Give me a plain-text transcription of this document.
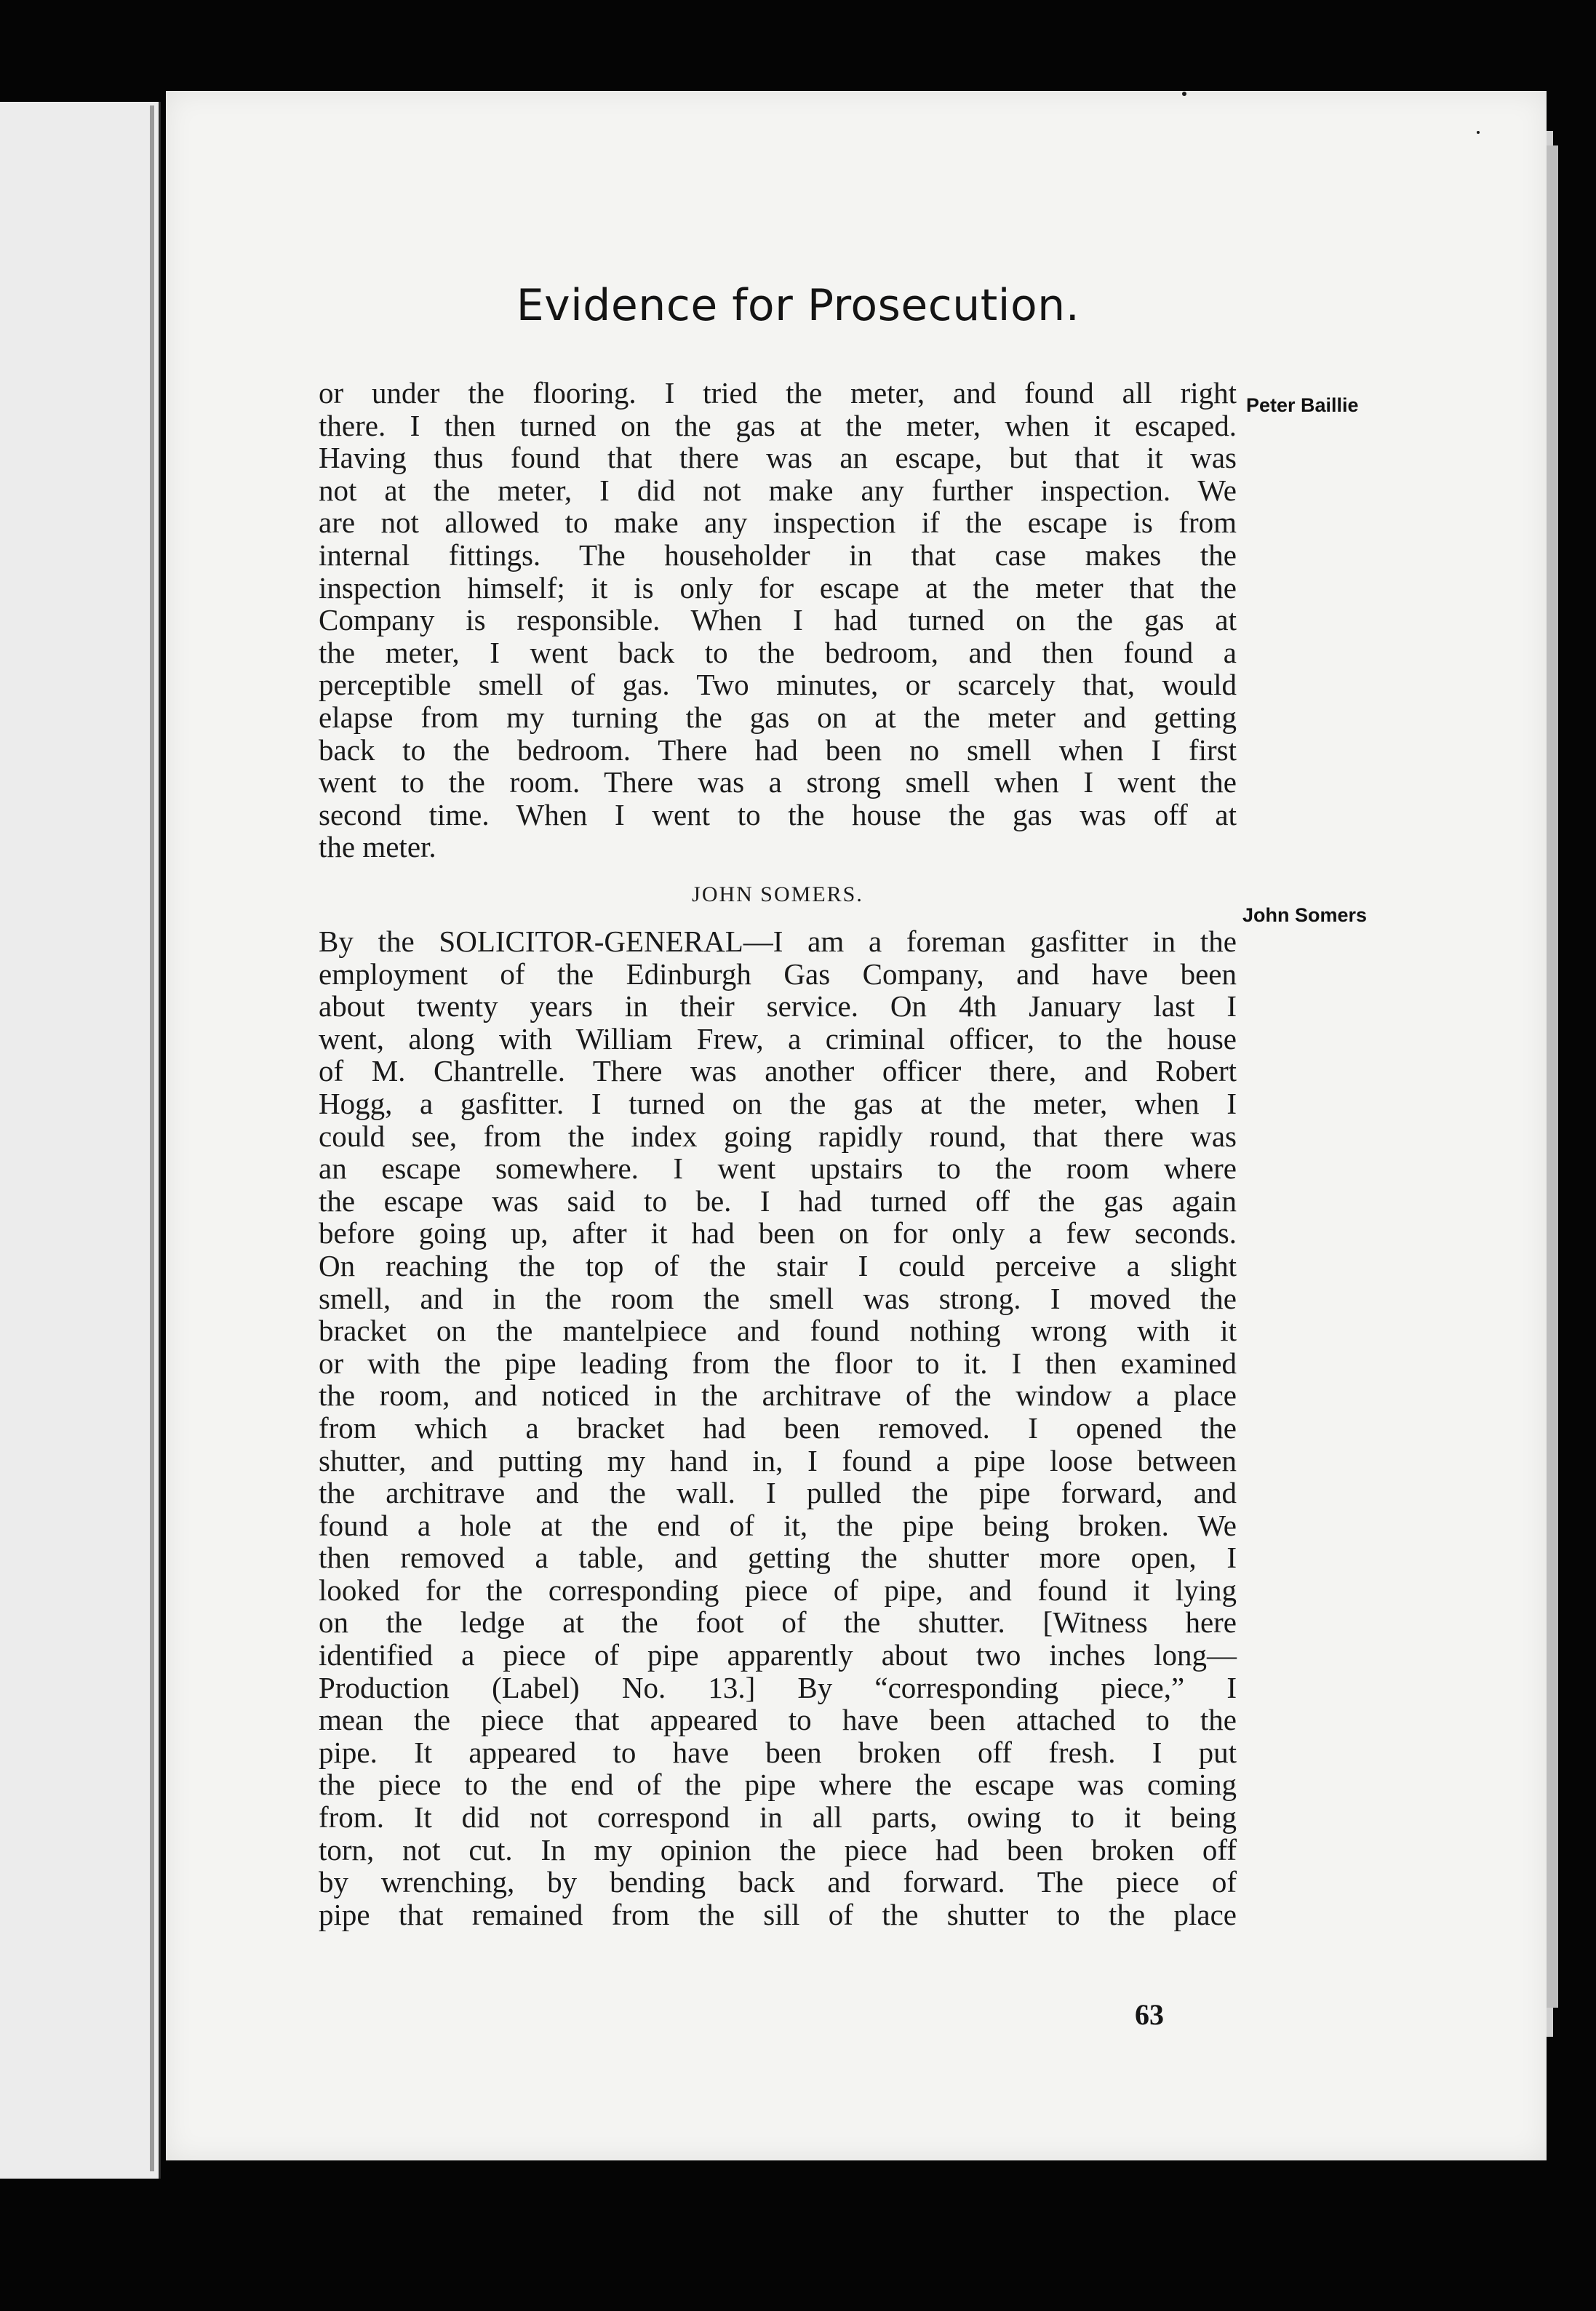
Evidence for Prosecution.
Peter Baillie
John Somers
or under the flooring. I tried the meter, and found all right
there. I then turned on the gas at the meter, when it escaped.
Having thus found that there was an escape, but that it was
not at the meter, I did not make any further inspection. We
are not allowed to make any inspection if the escape is from
internal fittings. The householder in that case makes the
inspection himself; it is only for escape at the meter that the
Company is responsible. When I had turned on the gas at
the meter, I went back to the bedroom, and then found a
perceptible smell of gas. Two minutes, or scarcely that, would
elapse from my turning the gas on at the meter and getting
back to the bedroom. There had been no smell when I first
went to the room. There was a strong smell when I went the
second time. When I went to the house the gas was off at
the meter.
JOHN SOMERS.
By the SOLICITOR-GENERAL—I am a foreman gasfitter in the
employment of the Edinburgh Gas Company, and have been
about twenty years in their service. On 4th January last I
went, along with William Frew, a criminal officer, to the house
of M. Chantrelle. There was another officer there, and Robert
Hogg, a gasfitter. I turned on the gas at the meter, when I
could see, from the index going rapidly round, that there was
an escape somewhere. I went upstairs to the room where
the escape was said to be. I had turned off the gas again
before going up, after it had been on for only a few seconds.
On reaching the top of the stair I could perceive a slight
smell, and in the room the smell was strong. I moved the
bracket on the mantelpiece and found nothing wrong with it
or with the pipe leading from the floor to it. I then examined
the room, and noticed in the architrave of the window a place
from which a bracket had been removed. I opened the
shutter, and putting my hand in, I found a pipe loose between
the architrave and the wall. I pulled the pipe forward, and
found a hole at the end of it, the pipe being broken. We
then removed a table, and getting the shutter more open, I
looked for the corresponding piece of pipe, and found it lying
on the ledge at the foot of the shutter. [Witness here
identified a piece of pipe apparently about two inches long—
Production (Label) No. 13.] By “corresponding piece,” I
mean the piece that appeared to have been attached to the
pipe. It appeared to have been broken off fresh. I put
the piece to the end of the pipe where the escape was coming
from. It did not correspond in all parts, owing to it being
torn, not cut. In my opinion the piece had been broken off
by wrenching, by bending back and forward. The piece of
pipe that remained from the sill of the shutter to the place
63
